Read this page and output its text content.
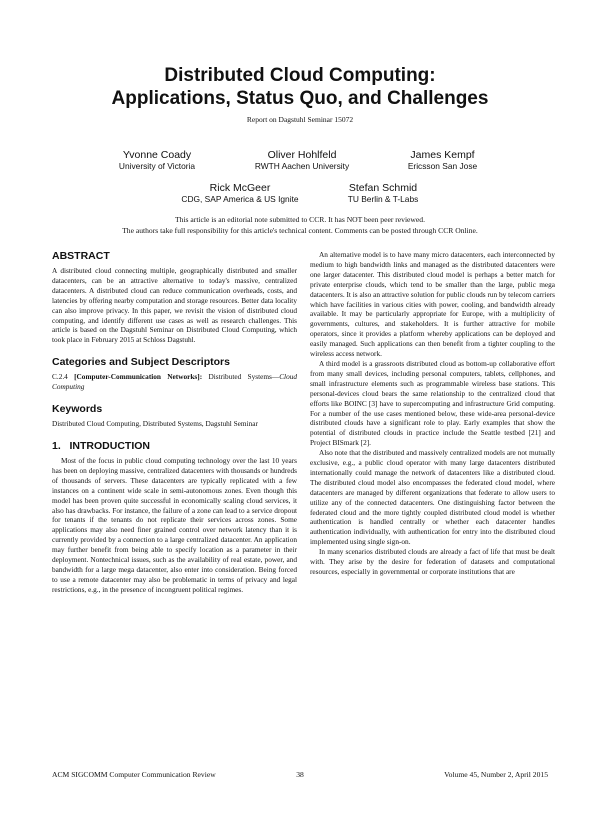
Distributed Cloud Computing:
Applications, Status Quo, and Challenges
Report on Dagstuhl Seminar 15072
Yvonne Coady
University of Victoria
Oliver Hohlfeld
RWTH Aachen University
James Kempf
Ericsson San Jose
Rick McGeer
CDG, SAP America & US Ignite
Stefan Schmid
TU Berlin & T-Labs
This article is an editorial note submitted to CCR. It has NOT been peer reviewed.
The authors take full responsibility for this article's technical content. Comments can be posted through CCR Online.
ABSTRACT

A distributed cloud connecting multiple, geographically distributed and smaller datacenters, can be an attractive alternative to today's massive, centralized datacenters. A distributed cloud can reduce communication overheads, costs, and latencies by offering nearby computation and storage resources. Better data locality can also improve privacy. In this paper, we revisit the vision of distributed cloud computing, and identify different use cases as well as research challenges. This article is based on the Dagstuhl Seminar on Distributed Cloud Computing, which took place in February 2015 at Schloss Dagstuhl.

Categories and Subject Descriptors

C.2.4 [Computer-Communication Networks]: Distributed Systems—Cloud Computing

Keywords

Distributed Cloud Computing, Distributed Systems, Dagstuhl Seminar

1.   INTRODUCTION

Most of the focus in public cloud computing technology over the last 10 years has been on deploying massive, centralized datacenters with thousands or hundreds of thousands of servers. These datacenters are typically replicated with a few instances on a continent wide scale in semi-autonomous zones. Even though this model has been proven quite successful in economically scaling cloud services, it also has drawbacks. For instance, the failure of a zone can lead to a service dropout for tenants if the tenants do not replicate their services across zones. Some applications may also need finer grained control over network latency than it is currently provided by a connection to a large centralized datacenter. An application may further benefit from being able to specify location as a parameter in their deployment. Nontechnical issues, such as the availability of real estate, power, and bandwidth for a large mega datacenter, also enter into consideration. Being forced to use a remote datacenter may also be problematic in terms of privacy and legal restrictions, e.g., in the presence of incongruent political regimes.

An alternative model is to have many micro datacenters, each interconnected by medium to high bandwidth links and managed as the distributed datacenters were one larger datacenter. This distributed cloud model is perhaps a better match for private enterprise clouds, which tend to be smaller than the large, public mega datacenters. It is also an attractive solution for public clouds run by telecom carriers which have facilities in various cities with power, cooling, and bandwidth already available. It may be particularly appropriate for Europe, with a multiplicity of governments, cultures, and stakeholders. It is further attractive for mobile operators, since it provides a platform whereby applications can be deployed and easily managed. Such applications can then benefit from a tighter coupling to the wireless access network.

A third model is a grassroots distributed cloud as bottom-up collaborative effort from many small devices, including personal computers, tablets, cellphones, and small infrastructure elements such as programmable wireless base stations. This personal-devices cloud bears the same relationship to the centralized cloud that efforts like BOINC [3] have to supercomputing and infrastructure Grid computing. For a number of the use cases mentioned below, these wide-area personal-device distributed clouds have a significant role to play. Early examples that show the potential of distributed clouds in practice include the Seattle testbed [21] and Project BISmark [2].

Also note that the distributed and massively centralized models are not mutually exclusive, e.g., a public cloud operator with many large datacenters distributed internationally could manage the network of datacenters like a distributed cloud. The distributed cloud model also encompasses the federated cloud model, where datacenters are managed by different organizations that federate to allow users to utilize any of the connected datacenters. One distinguishing factor between the federated cloud and the more tightly coupled distributed cloud model is whether authentication is handled centrally or whether each datacenter handles authentication individually, with authentication for entry into the distributed cloud implemented using single sign-on.

In many scenarios distributed clouds are already a fact of life that must be dealt with. They arise by the desire for federation of datasets and computational resources, especially in governmental or corporate institutions that are

ACM SIGCOMM Computer Communication Review	38	Volume 45, Number 2, April 2015
